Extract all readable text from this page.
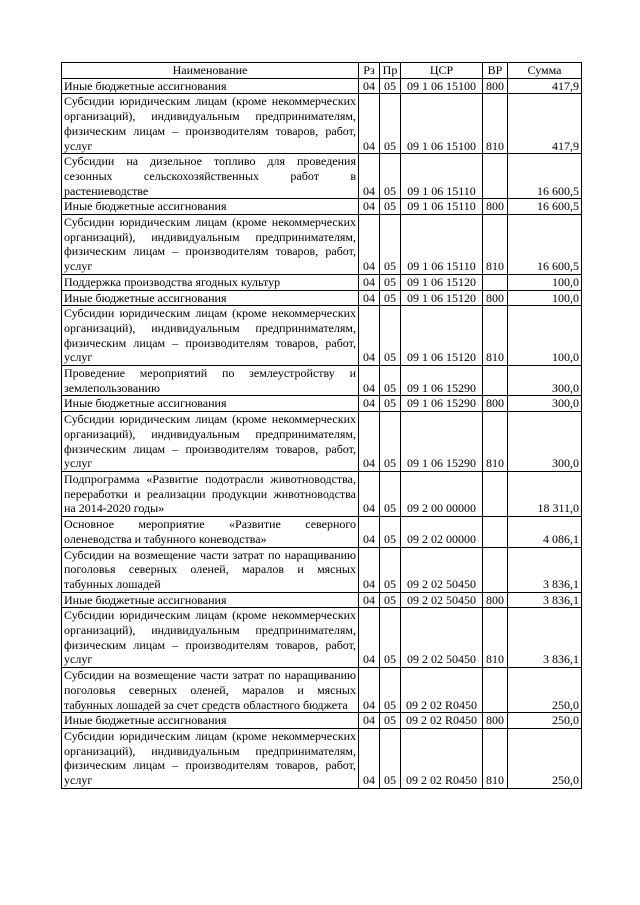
Наименование	Рз	Пр	ЦСР	ВР	Сумма
Иные бюджетные ассигнования	04	05	09 1 06 15100	800	417,9
Субсидии юридическим лицам (кроме некоммерческих организаций), индивидуальным предпринимателям, физическим лицам – производителям товаров, работ, услуг	04	05	09 1 06 15100	810	417,9
Субсидии на дизельное топливо для проведения сезонных сельскохозяйственных работ в растениеводстве	04	05	09 1 06 15110		16 600,5
Иные бюджетные ассигнования	04	05	09 1 06 15110	800	16 600,5
Субсидии юридическим лицам (кроме некоммерческих организаций), индивидуальным предпринимателям, физическим лицам – производителям товаров, работ, услуг	04	05	09 1 06 15110	810	16 600,5
Поддержка производства ягодных культур	04	05	09 1 06 15120		100,0
Иные бюджетные ассигнования	04	05	09 1 06 15120	800	100,0
Субсидии юридическим лицам (кроме некоммерческих организаций), индивидуальным предпринимателям, физическим лицам – производителям товаров, работ, услуг	04	05	09 1 06 15120	810	100,0
Проведение мероприятий по землеустройству и землепользованию	04	05	09 1 06 15290		300,0
Иные бюджетные ассигнования	04	05	09 1 06 15290	800	300,0
Субсидии юридическим лицам (кроме некоммерческих организаций), индивидуальным предпринимателям, физическим лицам – производителям товаров, работ, услуг	04	05	09 1 06 15290	810	300,0
Подпрограмма «Развитие подотрасли животноводства, переработки и реализации продукции животноводства на 2014-2020 годы»	04	05	09 2 00 00000		18 311,0
Основное мероприятие «Развитие северного оленеводства и табунного коневодства»	04	05	09 2 02 00000		4 086,1
Субсидии на возмещение части затрат по наращиванию поголовья северных оленей, маралов и мясных табунных лошадей	04	05	09 2 02 50450		3 836,1
Иные бюджетные ассигнования	04	05	09 2 02 50450	800	3 836,1
Субсидии юридическим лицам (кроме некоммерческих организаций), индивидуальным предпринимателям, физическим лицам – производителям товаров, работ, услуг	04	05	09 2 02 50450	810	3 836,1
Субсидии на возмещение части затрат по наращиванию поголовья северных оленей, маралов и мясных табунных лошадей за счет средств областного бюджета	04	05	09 2 02 R0450		250,0
Иные бюджетные ассигнования	04	05	09 2 02 R0450	800	250,0
Субсидии юридическим лицам (кроме некоммерческих организаций), индивидуальным предпринимателям, физическим лицам – производителям товаров, работ, услуг	04	05	09 2 02 R0450	810	250,0
